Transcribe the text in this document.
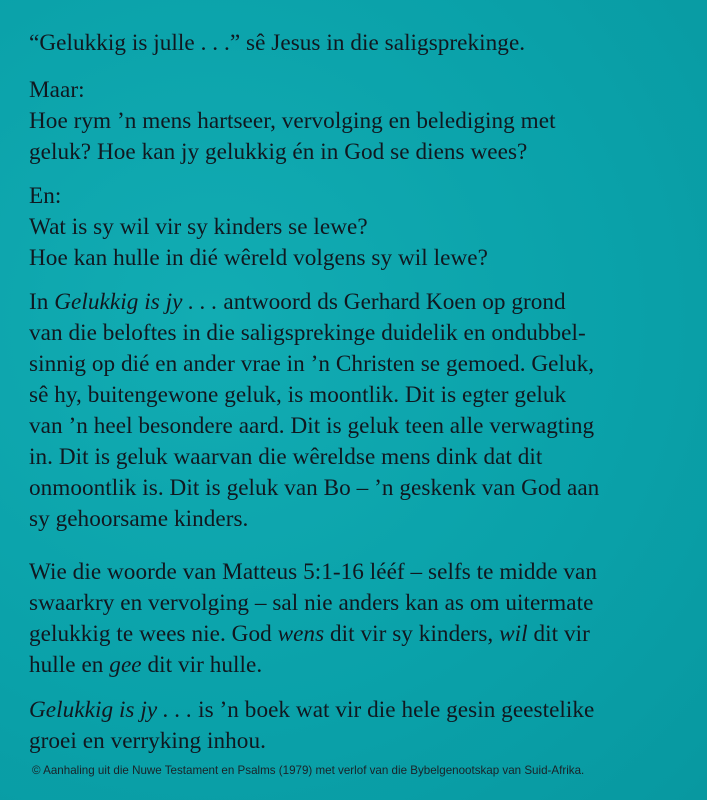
“Gelukkig is julle . . .” sê Jesus in die saligsprekinge.
Maar:
Hoe rym ’n mens hartseer, vervolging en belediging met
geluk? Hoe kan jy gelukkig én in God se diens wees?
En:
Wat is sy wil vir sy kinders se lewe?
Hoe kan hulle in dié wêreld volgens sy wil lewe?
In Gelukkig is jy . . . antwoord ds Gerhard Koen op grond
van die beloftes in die saligsprekinge duidelik en ondubbel-
sinnig op dié en ander vrae in ’n Christen se gemoed. Geluk,
sê hy, buitengewone geluk, is moontlik. Dit is egter geluk
van ’n heel besondere aard. Dit is geluk teen alle verwagting
in. Dit is geluk waarvan die wêreldse mens dink dat dit
onmoontlik is. Dit is geluk van Bo – ’n geskenk van God aan
sy gehoorsame kinders.
Wie die woorde van Matteus 5:1-16 lééf – selfs te midde van
swaarkry en vervolging – sal nie anders kan as om uitermate
gelukkig te wees nie. God wens dit vir sy kinders, wil dit vir
hulle en gee dit vir hulle.
Gelukkig is jy . . . is ’n boek wat vir die hele gesin geestelike
groei en verryking inhou.
© Aanhaling uit die Nuwe Testament en Psalms (1979) met verlof van die Bybelgenootskap van Suid-Afrika.
